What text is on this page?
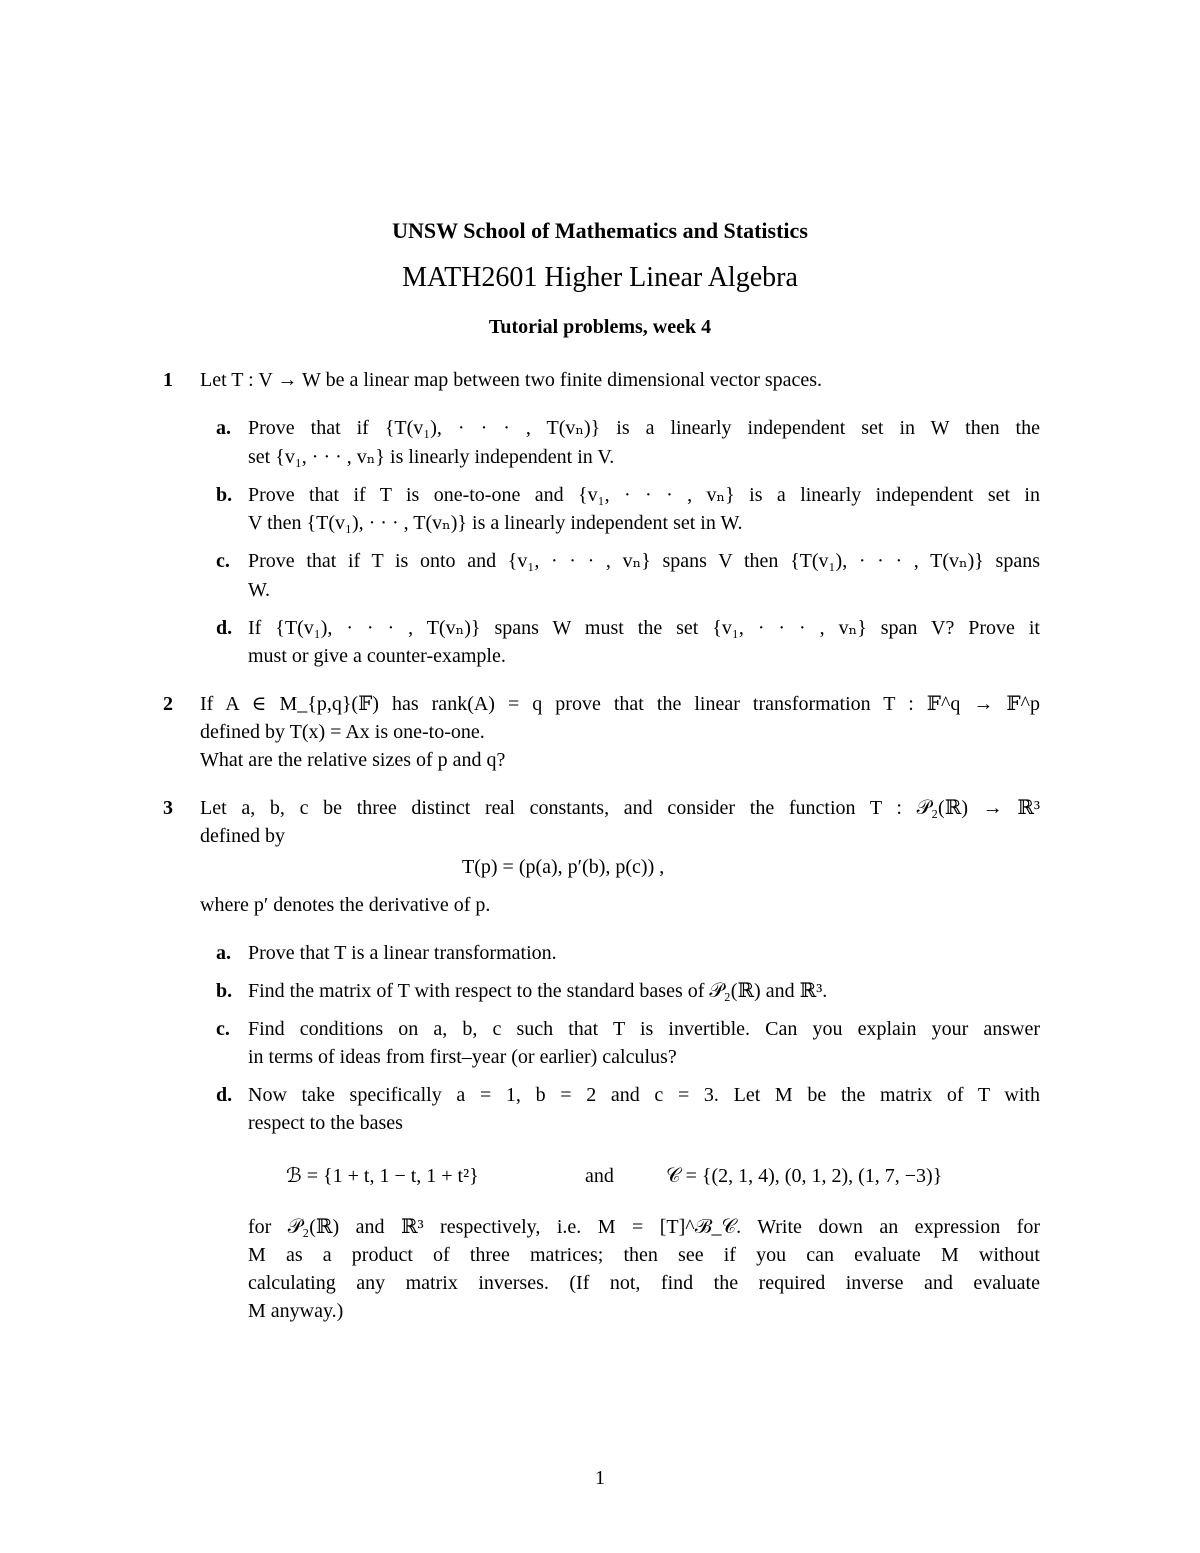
UNSW School of Mathematics and Statistics
MATH2601 Higher Linear Algebra
Tutorial problems, week 4
1 Let T : V → W be a linear map between two finite dimensional vector spaces.
a. Prove that if {T(v₁), · · · , T(vₙ)} is a linearly independent set in W then the
set {v₁, · · · , vₙ} is linearly independent in V.
b. Prove that if T is one-to-one and {v₁, · · · , vₙ} is a linearly independent set in
V then {T(v₁), · · · , T(vₙ)} is a linearly independent set in W.
c. Prove that if T is onto and {v₁, · · · , vₙ} spans V then {T(v₁), · · · , T(vₙ)} spans
W.
d. If {T(v₁), · · · , T(vₙ)} spans W must the set {v₁, · · · , vₙ} span V? Prove it
must or give a counter-example.
2 If A ∈ M_{p,q}(𝔽) has rank(A) = q prove that the linear transformation T : 𝔽^q → 𝔽^p
defined by T(x) = Ax is one-to-one.
What are the relative sizes of p and q?
3 Let a, b, c be three distinct real constants, and consider the function T : 𝒫₂(ℝ) → ℝ³
defined by
T(p) = (p(a), p′(b), p(c)) ,
where p′ denotes the derivative of p.
a. Prove that T is a linear transformation.
b. Find the matrix of T with respect to the standard bases of 𝒫₂(ℝ) and ℝ³.
c. Find conditions on a, b, c such that T is invertible. Can you explain your answer
in terms of ideas from first–year (or earlier) calculus?
d. Now take specifically a = 1, b = 2 and c = 3. Let M be the matrix of T with
respect to the bases
ℬ = {1 + t, 1 − t, 1 + t²}	and	𝒞 = {(2, 1, 4), (0, 1, 2), (1, 7, −3)}
for 𝒫₂(ℝ) and ℝ³ respectively, i.e. M = [T]^ℬ_𝒞. Write down an expression for
M as a product of three matrices; then see if you can evaluate M without
calculating any matrix inverses. (If not, find the required inverse and evaluate
M anyway.)
1
